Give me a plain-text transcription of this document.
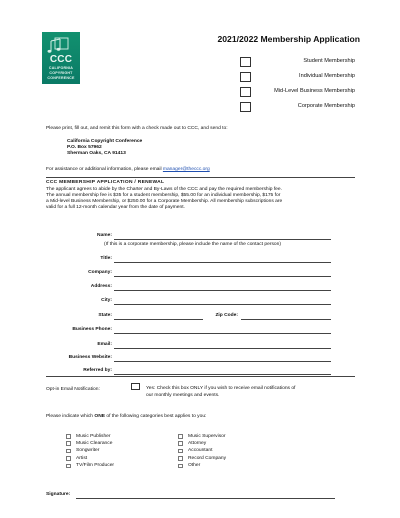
CCC
CALIFORNIA
COPYRIGHT
CONFERENCE
2021/2022 Membership Application
Student Membership
Individual Membership
Mid-Level Business Membership
Corporate Membership
Please print, fill out, and remit this form with a check made out to CCC, and send to:
California Copyright Conference
P.O. Box 57962
Sherman Oaks, CA 91413
For assistance or additional information, please email manager@theccc.org
CCC MEMBERSHIP APPLICATION / RENEWAL
The applicant agrees to abide by the Charter and By-Laws of the CCC and pay the required membership fee.
The annual membership fee is $35 for a student membership, $55.00 for an individual membership, $175 for
a Mid-level Business Membership, or $250.00 for a Corporate Membership. All membership subscriptions are
valid for a full 12-month calendar year from the date of payment.
Name:
(If this is a corporate membership, please include the name of the contact person)
Title:
Company:
Address:
City:
State:	Zip Code:
Business Phone:
Email:
Business Website:
Referred by:
Opt-in Email Notification:	Yes: Check this box ONLY if you wish to receive email notifications of
our monthly meetings and events.
Please indicate which ONE of the following categories best applies to you:
Music Publisher
Music Clearance
Songwriter
Artist
TV/Film Producer
Music Supervisor
Attorney
Accountant
Record Company
Other
Signature:
